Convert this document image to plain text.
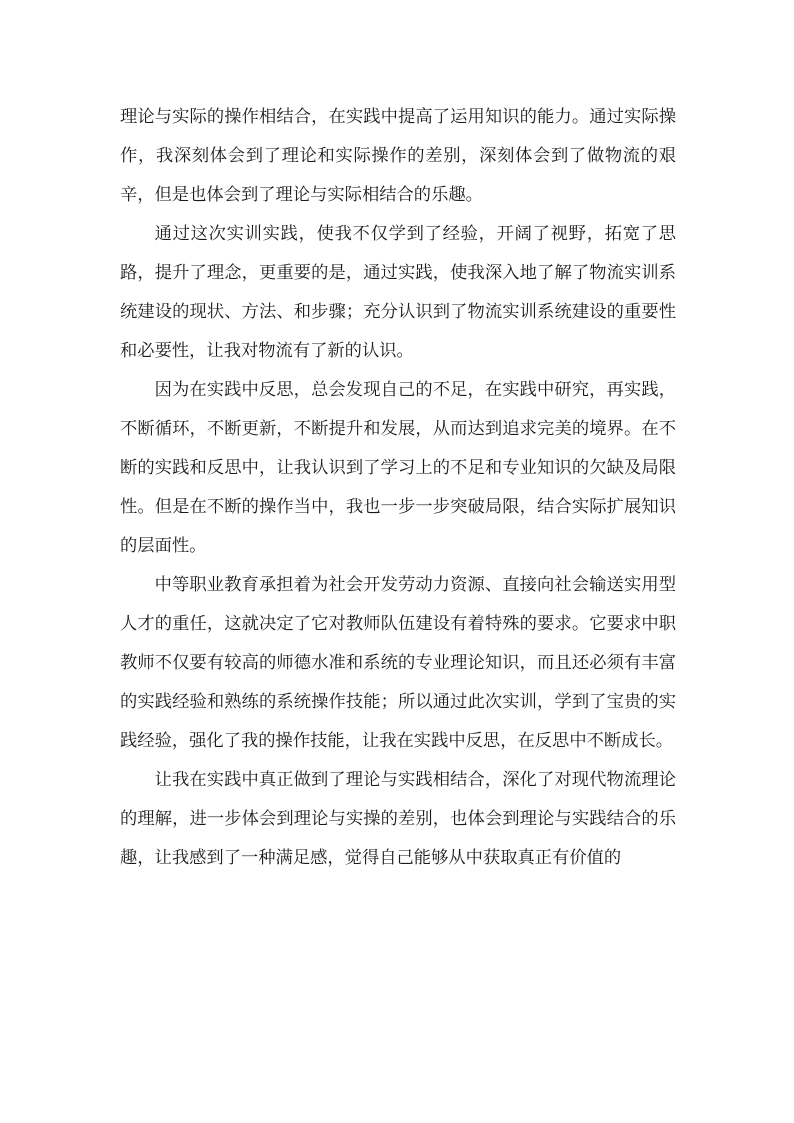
理论与实际的操作相结合，在实践中提高了运用知识的能力。通过实际操作，我深刻体会到了理论和实际操作的差别，深刻体会到了做物流的艰辛，但是也体会到了理论与实际相结合的乐趣。

通过这次实训实践，使我不仅学到了经验，开阔了视野，拓宽了思路，提升了理念，更重要的是，通过实践，使我深入地了解了物流实训系统建设的现状、方法、和步骤；充分认识到了物流实训系统建设的重要性和必要性，让我对物流有了新的认识。

因为在实践中反思，总会发现自己的不足，在实践中研究，再实践，不断循环，不断更新，不断提升和发展，从而达到追求完美的境界。在不断的实践和反思中，让我认识到了学习上的不足和专业知识的欠缺及局限性。但是在不断的操作当中，我也一步一步突破局限，结合实际扩展知识的层面性。

中等职业教育承担着为社会开发劳动力资源、直接向社会输送实用型人才的重任，这就决定了它对教师队伍建设有着特殊的要求。它要求中职教师不仅要有较高的师德水准和系统的专业理论知识，而且还必须有丰富的实践经验和熟练的系统操作技能；所以通过此次实训，学到了宝贵的实践经验，强化了我的操作技能，让我在实践中反思，在反思中不断成长。

让我在实践中真正做到了理论与实践相结合，深化了对现代物流理论的理解，进一步体会到理论与实操的差别，也体会到理论与实践结合的乐趣，让我感到了一种满足感，觉得自己能够从中获取真正有价值的
